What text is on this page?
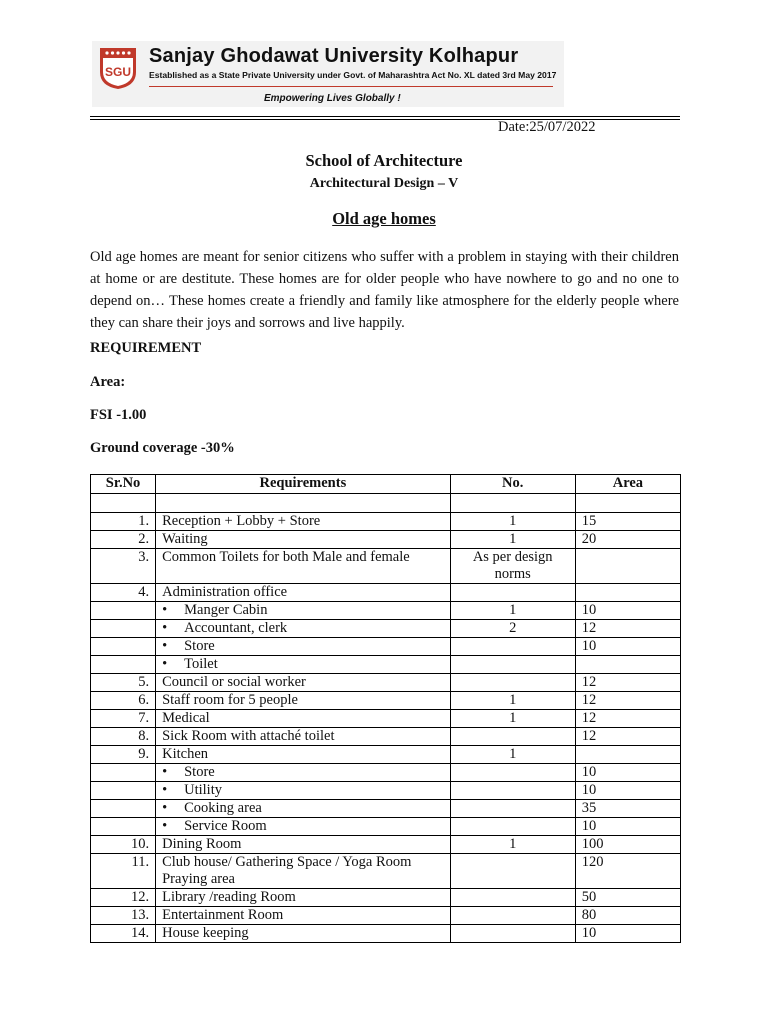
SGU
Sanjay Ghodawat University Kolhapur
Established as a State Private University under Govt. of Maharashtra Act No. XL dated 3rd May 2017
Empowering Lives Globally !
Date:25/07/2022
School of Architecture
Architectural Design – V
Old age homes
Old age homes are meant for senior citizens who suffer with a problem in staying with their children at home or are destitute. These homes are for older people who have nowhere to go and no one to depend on… These homes create a friendly and family like atmosphere for the elderly people where they can share their joys and sorrows and live happily.
REQUIREMENT
Area:
FSI -1.00
Ground coverage -30%
Sr.No	Requirements	No.	Area

1.	Reception + Lobby + Store	1	15
2.	Waiting	1	20
3.	Common Toilets for both Male and female	As per design norms	
4.	Administration office		
	• Manger Cabin	1	10
	• Accountant, clerk	2	12
	• Store		10
	• Toilet		
5.	Council or social worker		12
6.	Staff room for 5 people	1	12
7.	Medical	1	12
8.	Sick Room with attaché toilet		12
9.	Kitchen	1	
	• Store		10
	• Utility		10
	• Cooking area		35
	• Service Room		10
10.	Dining Room	1	100
11.	Club house/ Gathering Space / Yoga Room Praying area		120
12.	Library /reading Room		50
13.	Entertainment Room		80
14.	House keeping		10
